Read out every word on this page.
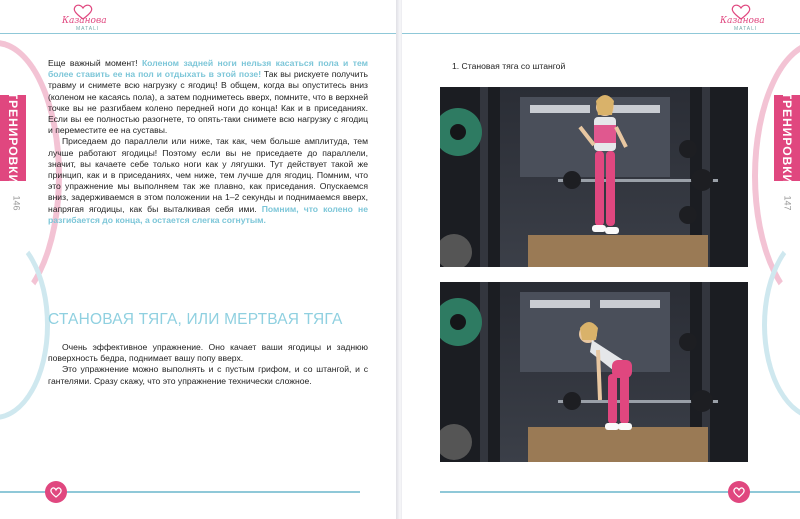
Казанова
MATALI
ТРЕНИРОВКИ
146

Еще важный момент! Коленом задней ноги нельзя касаться пола и тем более ставить ее на пол и отдыхать в этой позе! Так вы рискуете получить травму и снимете всю нагрузку с ягодиц! В общем, когда вы опуститесь вниз (коленом не касаясь пола), а затем подниметесь вверх, помните, что в верхней точке вы не разгибаем колено передней ноги до конца! Как и в приседаниях. Если вы ее полностью разогнете, то опять-таки снимете всю нагрузку с ягодиц и переместите ее на суставы.

Приседаем до параллели или ниже, так как, чем больше амплитуда, тем лучше работают ягодицы! Поэтому если вы не приседаете до параллели, значит, вы качаете себе только ноги как у лягушки. Тут действует такой же принцип, как и в приседаниях, чем ниже, тем лучше для ягодиц. Помним, что это упражнение мы выполняем так же плавно, как приседания. Опускаемся вниз, задерживаемся в этом положении на 1–2 секунды и поднимаемся вверх, напрягая ягодицы, как бы выталкивая себя ими. Помним, что колено не разгибается до конца, а остается слегка согнутым.

СТАНОВАЯ ТЯГА, ИЛИ МЕРТВАЯ ТЯГА

Очень эффективное упражнение. Оно качает ваши ягодицы и заднюю поверхность бедра, поднимает вашу попу вверх.

Это упражнение можно выполнять и с пустым грифом, и со штангой, и с гантелями. Сразу скажу, что это упражнение технически сложное.

Казанова
MATALI
ТРЕНИРОВКИ
147
1. Становая тяга со штангой
